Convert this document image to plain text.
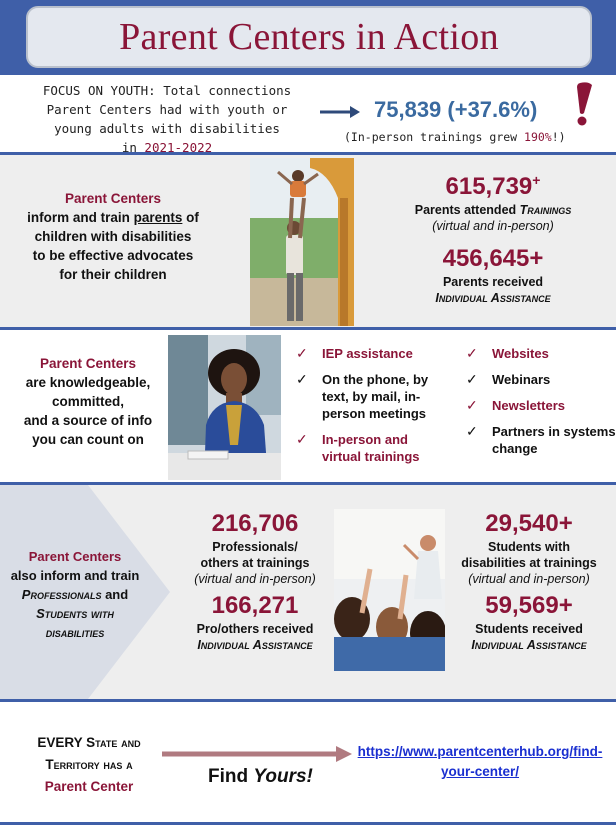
Parent Centers in Action
FOCUS ON YOUTH: Total connections
Parent Centers had with youth or
young adults with disabilities
in 2021-2022
75,839 (+37.6%)
(In-person trainings grew 190%!)
Parent Centers
inform and train parents of
children with disabilities
to be effective advocates
for their children
615,739+
Parents attended Trainings
(virtual and in-person)
456,645+
Parents received
Individual Assistance
Parent Centers
are knowledgeable,
committed,
and a source of info
you can count on
✓ IEP assistance
✓ On the phone, by text, by mail, in-person meetings
✓ In-person and virtual trainings
✓ Websites
✓ Webinars
✓ Newsletters
✓ Partners in systems change
Parent Centers
also inform and train
Professionals and
Students with
disabilities
216,706
Professionals/
others at trainings
(virtual and in-person)
166,271
Pro/others received
Individual Assistance
29,540+
Students with
disabilities at trainings
(virtual and in-person)
59,569+
Students received
Individual Assistance
EVERY State and
Territory has a
Parent Center	Find Yours!
https://www.parentcenterhub.org/find-your-center/
